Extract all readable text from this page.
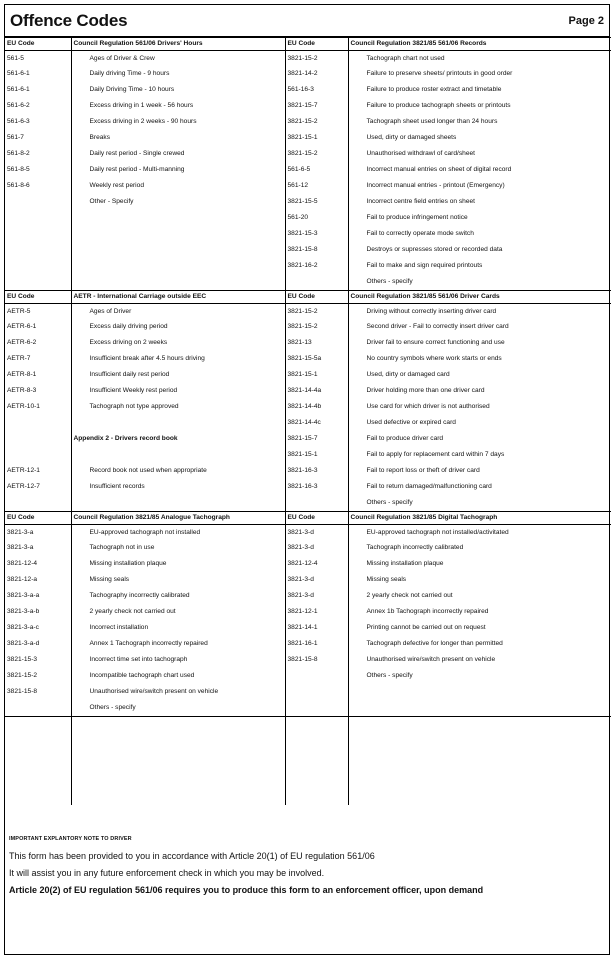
Offence Codes	Page 2
EU Code	Council Regulation 561/06 Drivers' Hours	EU Code	Council Regulation 3821/85 561/06 Records
561-5	Ages of Driver & Crew	3821-15-2	Tachograph chart not used
561-6-1	Daily driving Time - 9 hours	3821-14-2	Failure to preserve sheets/ printouts in good order
561-6-1	Daily Driving Time - 10 hours	561-16-3	Failure to produce roster extract and timetable
561-6-2	Excess driving in 1 week - 56 hours	3821-15-7	Failure to produce tachograph sheets or printouts
561-6-3	Excess driving in 2 weeks - 90 hours	3821-15-2	Tachograph sheet used longer than 24 hours
561-7	Breaks	3821-15-1	Used, dirty or damaged sheets
561-8-2	Daily rest period - Single crewed	3821-15-2	Unauthorised withdrawl of card/sheet
561-8-5	Daily rest period - Multi-manning	561-6-5	Incorrect manual entries on sheet of digital record
561-8-6	Weekly rest period	561-12	Incorrect manual entries - printout (Emergency)
	Other - Specify	3821-15-5	Incorrect centre field entries on sheet
		561-20	Fail to produce infringement notice
		3821-15-3	Fail to correctly operate mode switch
		3821-15-8	Destroys or supresses stored or recorded data
		3821-16-2	Fail to make and sign required printouts
			Others - specify
EU Code	AETR - International Carriage outside EEC	EU Code	Council Regulation 3821/85 561/06 Driver Cards
AETR-5	Ages of Driver	3821-15-2	Driving without correctly inserting driver card
AETR-6-1	Excess daily driving period	3821-15-2	Second driver - Fail to correctly insert driver card
AETR-6-2	Excess driving on 2 weeks	3821-13	Driver fail to ensure correct functioning and use
AETR-7	Insufficient break after 4.5 hours driving	3821-15-5a	No country symbols where work starts or ends
AETR-8-1	Insufficient daily rest period	3821-15-1	Used, dirty or damaged card
AETR-8-3	Insufficient Weekly rest period	3821-14-4a	Driver holding more than one driver card
AETR-10-1	Tachograph not type approved	3821-14-4b	Use card for which driver is not authorised
		3821-14-4c	Used defective or expired card
	Appendix 2 - Drivers record book	3821-15-7	Fail to produce driver card
		3821-15-1	Fail to apply for replacement card within 7 days
AETR-12-1	Record book not used when appropriate	3821-16-3	Fail to report loss or theft of driver card
AETR-12-7	Insufficient records	3821-16-3	Fail to return damaged/malfunctioning card
			Others - specify
EU Code	Council Regulation 3821/85 Analogue Tachograph	EU Code	Council Regulation 3821/85 Digital Tachograph
3821-3-a	EU-approved tachograph not installed	3821-3-d	EU-approved tachograph not installed/activitated
3821-3-a	Tachograph not in use	3821-3-d	Tachograph incorrectly calibrated
3821-12-4	Missing installation plaque	3821-12-4	Missing installation plaque
3821-12-a	Missing seals	3821-3-d	Missing seals
3821-3-a-a	Tachography incorrectly calibrated	3821-3-d	2 yearly check not carried out
3821-3-a-b	2 yearly check not carried out	3821-12-1	Annex 1b Tachograph incorrectly repaired
3821-3-a-c	Incorrect installation	3821-14-1	Printing cannot be carried out on request
3821-3-a-d	Annex 1 Tachograph incorrectly repaired	3821-16-1	Tachograph defective for longer than permitted
3821-15-3	Incorrect time set into tachograph	3821-15-8	Unauthorised wire/switch present on vehicle
3821-15-2	Incompatible tachograph chart used		Others - specify
3821-15-8	Unauthorised wire/switch present on vehicle		
	Others - specify		

IMPORTANT EXPLANTORY NOTE TO DRIVER
This form has been provided to you in accordance with Article 20(1) of EU regulation 561/06
It will assist you in any future enforcement check in which you may be involved.
Article 20(2) of EU regulation 561/06 requires you to produce this form to an enforcement officer, upon demand
